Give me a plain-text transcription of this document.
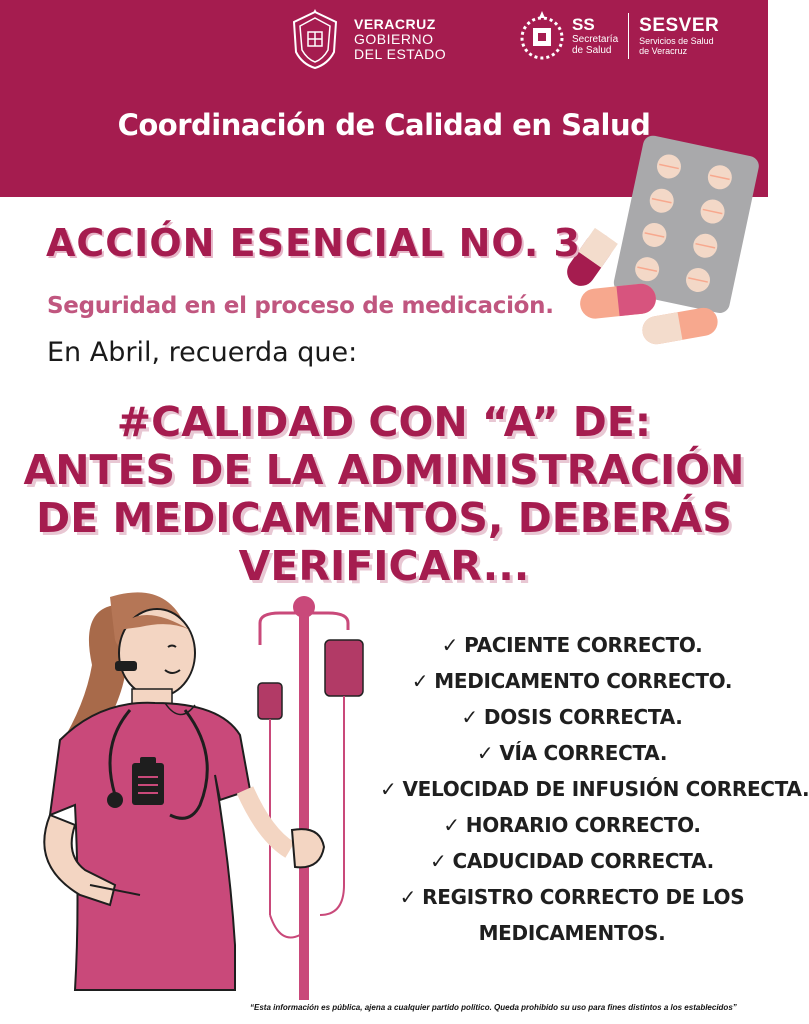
VERACRUZ
GOBIERNO
DEL ESTADO
SS
Secretaría
de Salud
SESVER
Servicios de Salud
de Veracruz
Coordinación de Calidad en Salud
ACCIÓN ESENCIAL NO. 3
Seguridad en el proceso de medicación.
En Abril, recuerda que:
#CALIDAD CON “A” DE:
ANTES DE LA ADMINISTRACIÓN
DE MEDICAMENTOS, DEBERÁS
VERIFICAR...
✓ PACIENTE CORRECTO.
✓ MEDICAMENTO CORRECTO.
✓ DOSIS CORRECTA.
✓ VÍA CORRECTA.
✓ VELOCIDAD DE INFUSIÓN CORRECTA.
✓ HORARIO CORRECTO.
✓ CADUCIDAD CORRECTA.
✓ REGISTRO CORRECTO DE LOS
MEDICAMENTOS.
“Esta información es pública, ajena a cualquier partido político. Queda prohibido su uso para fines distintos a los establecidos”
